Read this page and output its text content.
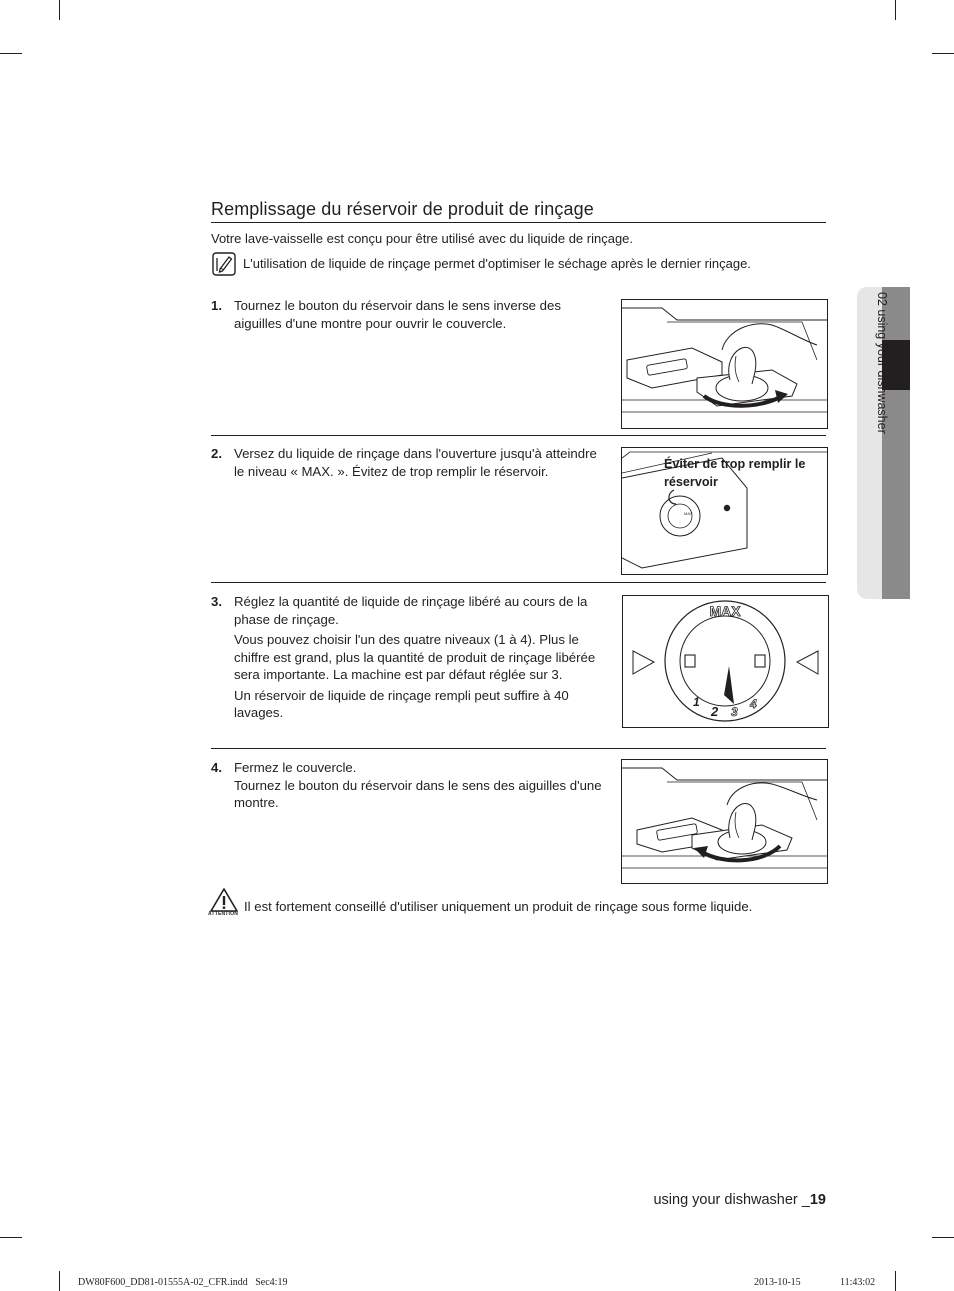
02 using your dishwasher
Remplissage du réservoir de produit de rinçage
Votre lave-vaisselle est conçu pour être utilisé avec du liquide de rinçage.
L'utilisation de liquide de rinçage permet d'optimiser le séchage après le dernier rinçage.
1. Tournez le bouton du réservoir dans le sens inverse des aiguilles d'une montre pour ouvrir le couvercle.

2. Versez du liquide de rinçage dans l'ouverture jusqu'à atteindre le niveau « MAX. ». Évitez de trop remplir le réservoir.

MAX
Éviter de trop remplir le réservoir
3. Réglez la quantité de liquide de rinçage libéré au cours de la phase de rinçage.

Vous pouvez choisir l'un des quatre niveaux (1 à 4). Plus le chiffre est grand, plus la quantité de produit de rinçage libérée sera importante. La machine est par défaut réglée sur 3.

Un réservoir de liquide de rinçage rempli peut suffire à 40 lavages.

MAX
1
2 3
4
4. Fermez le couvercle.
Tournez le bouton du réservoir dans le sens des aiguilles d'une montre.

ATTENTION Il est fortement conseillé d'utiliser uniquement un produit de rinçage sous forme liquide.
using your dishwasher _19
DW80F600_DD81-01555A-02_CFR.indd   Sec4:19	2013-10-15	11:43:02
